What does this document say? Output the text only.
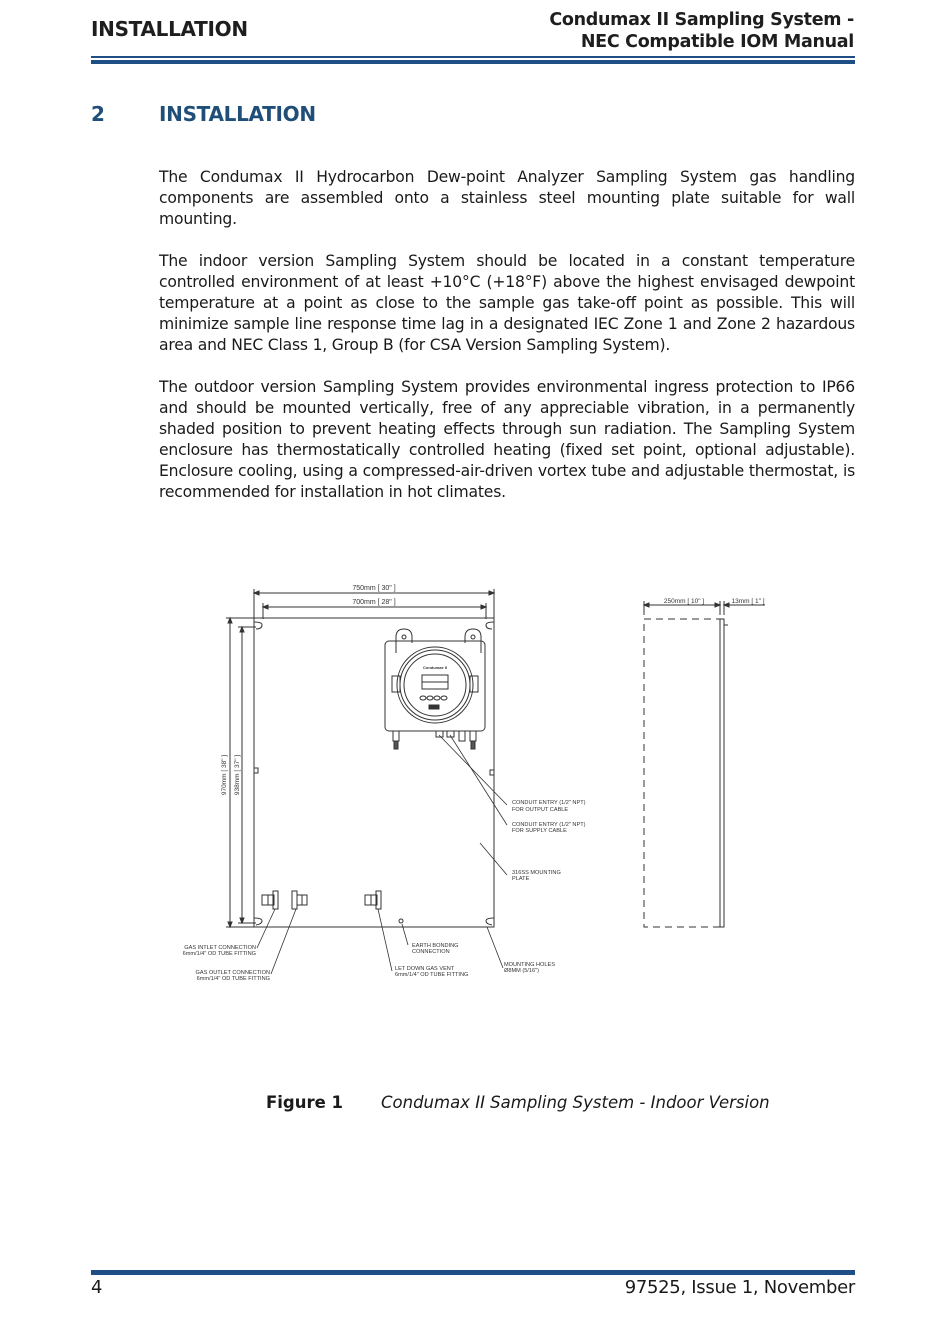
INSTALLATION	Condumax II Sampling System -
NEC Compatible IOM Manual
2	INSTALLATION

The Condumax II Hydrocarbon Dew-point Analyzer Sampling System gas handling components are assembled onto a stainless steel mounting plate suitable for wall mounting.

The indoor version Sampling System should be located in a constant temperature controlled environment of at least +10°C (+18°F) above the highest envisaged dewpoint temperature at a point as close to the sample gas take-off point as possible. This will minimize sample line response time lag in a designated IEC Zone 1 and Zone 2 hazardous area and NEC Class 1, Group B (for CSA Version Sampling System).

The outdoor version Sampling System provides environmental ingress protection to IP66 and should be mounted vertically, free of any appreciable vibration, in a permanently shaded position to prevent heating effects through sun radiation. The Sampling System enclosure has thermostatically controlled heating (fixed set point, optional adjustable). Enclosure cooling, using a compressed-air-driven vortex tube and adjustable thermostat, is recommended for installation in hot climates.

750mm [ 30" ]
700mm [ 28" ]
970mm [ 38" ] 938mm [ 37" ]
Condumax II
CONDUIT ENTRY (1/2" NPT)
FOR OUTPUT CABLE
CONDUIT ENTRY (1/2" NPT)
FOR SUPPLY CABLE
316SS MOUNTING
PLATE
GAS INTLET CONNECTION
6mm/1/4" OD TUBE FITTING
GAS OUTLET CONNECTION
6mm/1/4" OD TUBE FITTING
EARTH BONDING
CONNECTION
LET DOWN GAS VENT
6mm/1/4" OD TUBE FITTING
MOUNTING HOLES
Ø8MM (5/16")
250mm [ 10" ]	13mm [ 1" ]
Figure 1 Condumax II Sampling System - Indoor Version
4	97525, Issue 1, November
